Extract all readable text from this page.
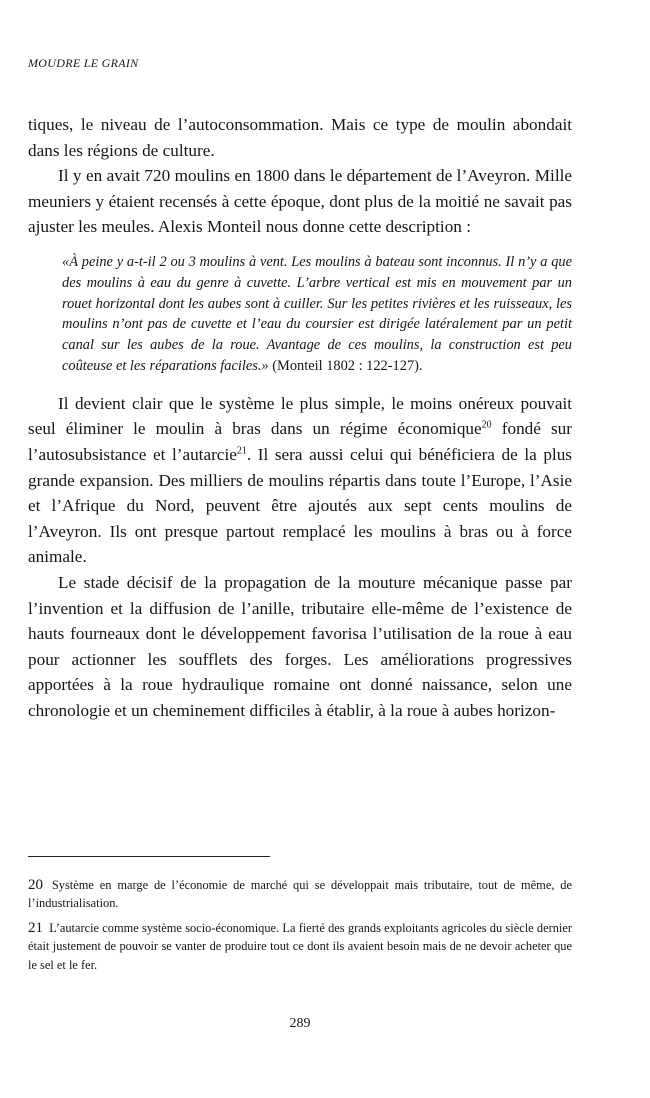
MOUDRE LE GRAIN

tiques, le niveau de l’autoconsommation. Mais ce type de moulin abondait dans les régions de culture.

Il y en avait 720 moulins en 1800 dans le département de l’Aveyron. Mille meuniers y étaient recensés à cette époque, dont plus de la moitié ne savait pas ajuster les meules. Alexis Monteil nous donne cette description :

«À peine y a-t-il 2 ou 3 moulins à vent. Les moulins à bateau sont inconnus. Il n’y a que des moulins à eau du genre à cuvette. L’arbre vertical est mis en mouvement par un rouet horizontal dont les aubes sont à cuiller. Sur les petites rivières et les ruisseaux, les moulins n’ont pas de cuvette et l’eau du coursier est dirigée latéralement par un petit canal sur les aubes de la roue. Avantage de ces moulins, la construction est peu coûteuse et les réparations faciles.» (Monteil 1802 : 122-127).

Il devient clair que le système le plus simple, le moins onéreux pouvait seul éliminer le moulin à bras dans un régime économique$^{20}$ fondé sur l’autosubsistance et l’autarcie$^{21}$. Il sera aussi celui qui bénéficiera de la plus grande expansion. Des milliers de moulins répartis dans toute l’Europe, l’Asie et l’Afrique du Nord, peuvent être ajoutés aux sept cents moulins de l’Aveyron. Ils ont presque partout remplacé les moulins à bras ou à force animale.

Le stade décisif de la propagation de la mouture mécanique passe par l’invention et la diffusion de l’anille, tributaire elle-même de l’existence de hauts fourneaux dont le développement favorisa l’utilisation de la roue à eau pour actionner les soufflets des forges. Les améliorations progressives apportées à la roue hydraulique romaine ont donné naissance, selon une chronologie et un cheminement difficiles à établir, à la roue à aubes horizon-

20 Système en marge de l’économie de marché qui se développait mais tributaire, tout de même, de l’industrialisation.

21 L’autarcie comme système socio-économique. La fierté des grands exploitants agricoles du siècle dernier était justement de pouvoir se vanter de produire tout ce dont ils avaient besoin mais de ne devoir acheter que le sel et le fer.

289
